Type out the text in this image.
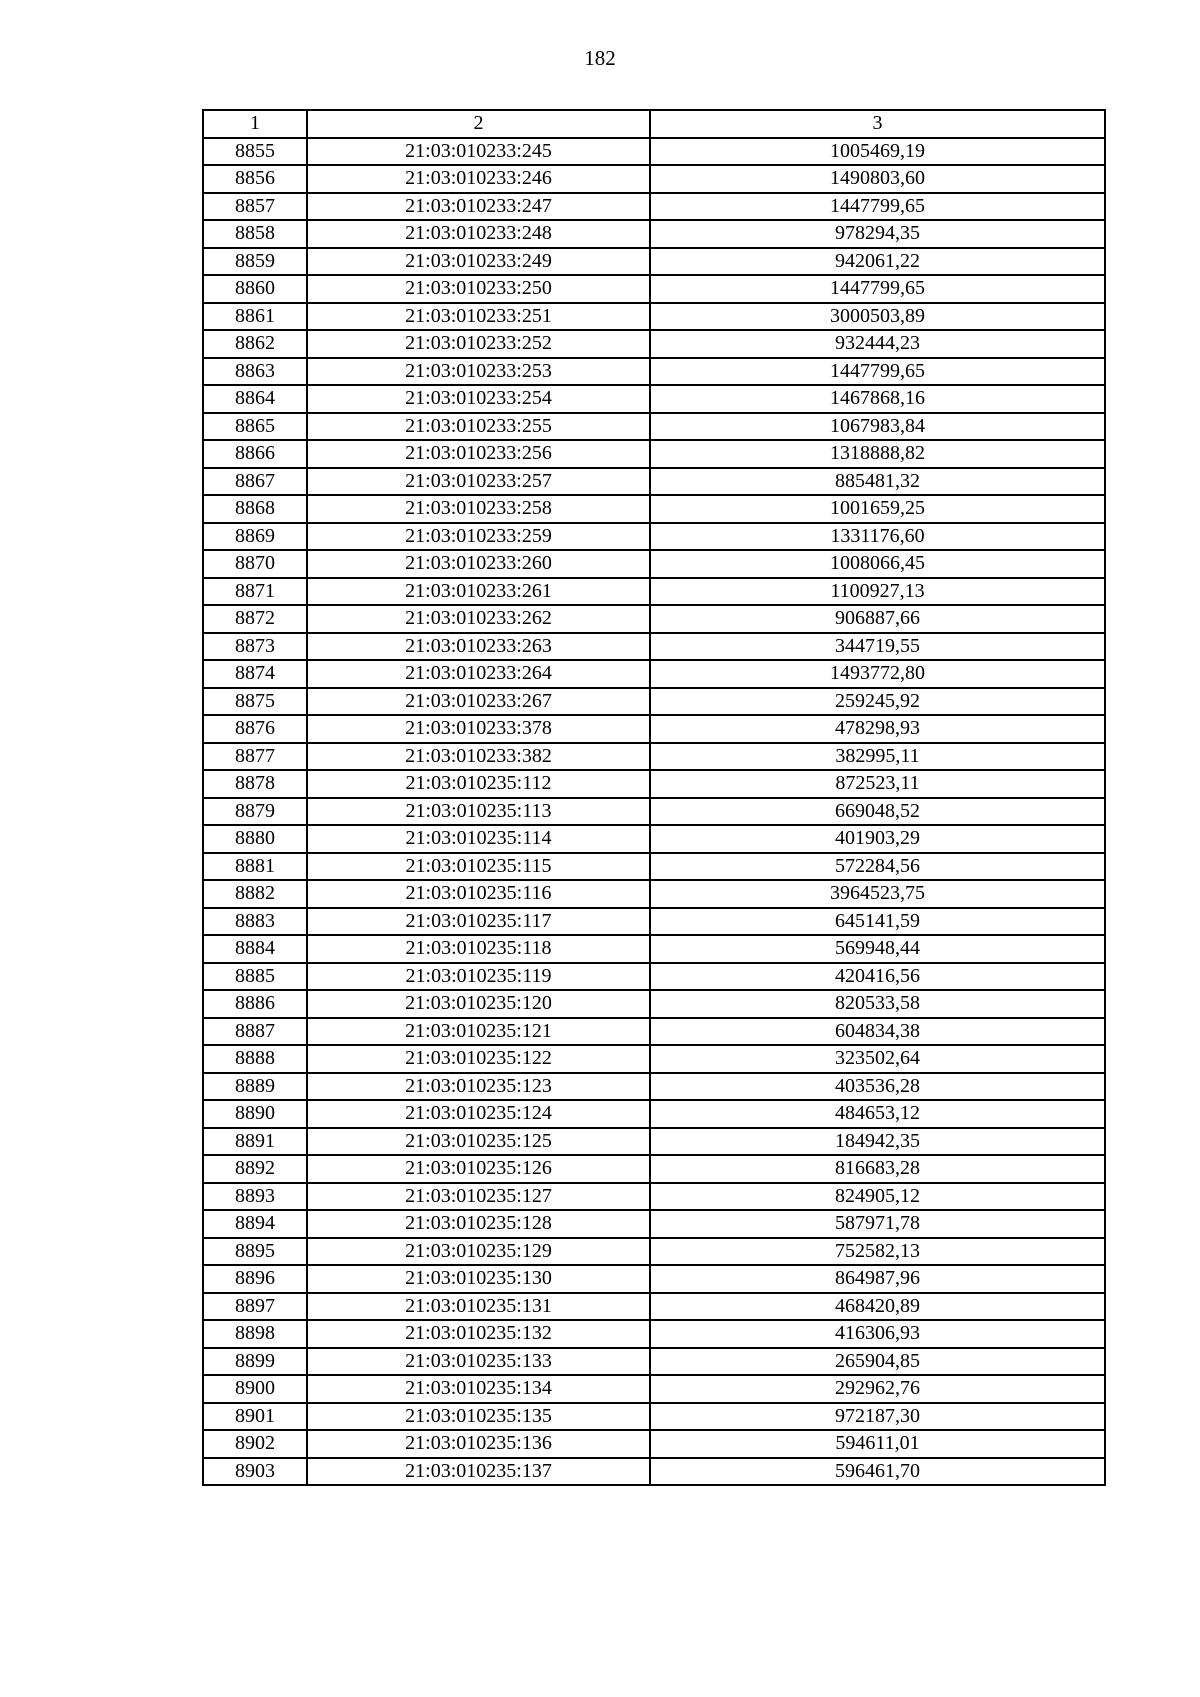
182
1	2	3
8855	21:03:010233:245	1005469,19
8856	21:03:010233:246	1490803,60
8857	21:03:010233:247	1447799,65
8858	21:03:010233:248	978294,35
8859	21:03:010233:249	942061,22
8860	21:03:010233:250	1447799,65
8861	21:03:010233:251	3000503,89
8862	21:03:010233:252	932444,23
8863	21:03:010233:253	1447799,65
8864	21:03:010233:254	1467868,16
8865	21:03:010233:255	1067983,84
8866	21:03:010233:256	1318888,82
8867	21:03:010233:257	885481,32
8868	21:03:010233:258	1001659,25
8869	21:03:010233:259	1331176,60
8870	21:03:010233:260	1008066,45
8871	21:03:010233:261	1100927,13
8872	21:03:010233:262	906887,66
8873	21:03:010233:263	344719,55
8874	21:03:010233:264	1493772,80
8875	21:03:010233:267	259245,92
8876	21:03:010233:378	478298,93
8877	21:03:010233:382	382995,11
8878	21:03:010235:112	872523,11
8879	21:03:010235:113	669048,52
8880	21:03:010235:114	401903,29
8881	21:03:010235:115	572284,56
8882	21:03:010235:116	3964523,75
8883	21:03:010235:117	645141,59
8884	21:03:010235:118	569948,44
8885	21:03:010235:119	420416,56
8886	21:03:010235:120	820533,58
8887	21:03:010235:121	604834,38
8888	21:03:010235:122	323502,64
8889	21:03:010235:123	403536,28
8890	21:03:010235:124	484653,12
8891	21:03:010235:125	184942,35
8892	21:03:010235:126	816683,28
8893	21:03:010235:127	824905,12
8894	21:03:010235:128	587971,78
8895	21:03:010235:129	752582,13
8896	21:03:010235:130	864987,96
8897	21:03:010235:131	468420,89
8898	21:03:010235:132	416306,93
8899	21:03:010235:133	265904,85
8900	21:03:010235:134	292962,76
8901	21:03:010235:135	972187,30
8902	21:03:010235:136	594611,01
8903	21:03:010235:137	596461,70
